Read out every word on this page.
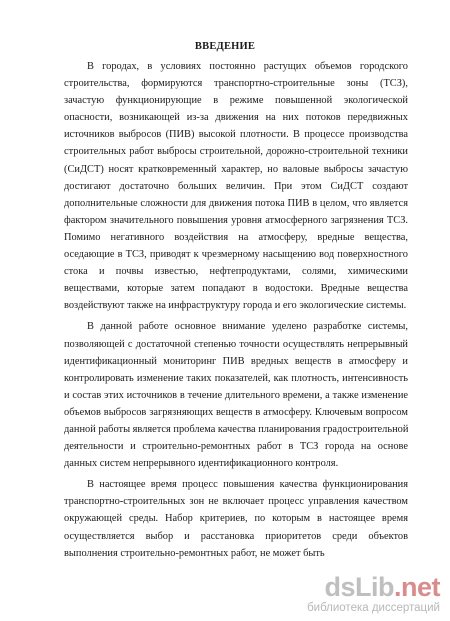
ВВЕДЕНИЕ

В городах, в условиях постоянно растущих объемов городского

строительства, формируются транспортно-строительные зоны (ТСЗ),

зачастую функционирующие в режиме повышенной экологической

опасности, возникающей из-за движения на них потоков передвижных

источников выбросов (ПИВ) высокой плотности. В процессе производства

строительных работ выбросы строительной, дорожно-строительной техники

(СиДСТ) носят кратковременный характер, но валовые выбросы зачастую

достигают достаточно больших величин. При этом СиДСТ создают

дополнительные сложности для движения потока ПИВ в целом, что является

фактором значительного повышения уровня атмосферного загрязнения ТСЗ.

Помимо негативного воздействия на атмосферу, вредные вещества,

оседающие в ТСЗ, приводят к чрезмерному насыщению вод поверхностного

стока и почвы известью, нефтепродуктами, солями, химическими

веществами, которые затем попадают в водостоки. Вредные вещества

воздействуют также на инфраструктуру города и его экологические системы.

В данной работе основное внимание уделено разработке системы,

позволяющей с достаточной степенью точности осуществлять непрерывный

идентификационный мониторинг ПИВ вредных веществ в атмосферу и

контролировать изменение таких показателей, как плотность, интенсивность

и состав этих источников в течение длительного времени, а также изменение

объемов выбросов загрязняющих веществ в атмосферу. Ключевым вопросом

данной работы является проблема качества планирования градостроительной

деятельности и строительно-ремонтных работ в ТСЗ города на основе

данных систем непрерывного идентификационного контроля.

В настоящее время процесс повышения качества функционирования

транспортно-строительных зон не включает процесс управления качеством

окружающей среды. Набор критериев, по которым в настоящее время

осуществляется выбор и расстановка приоритетов среди объектов

выполнения строительно-ремонтных работ, не может быть

dsLib.net
библиотека диссертаций
